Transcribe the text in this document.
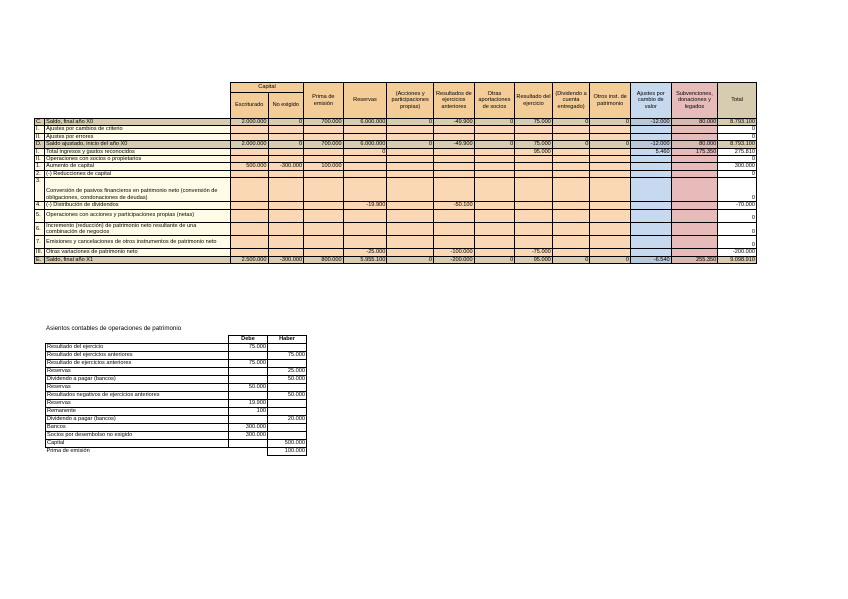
		Capital		Prima de emisión	Reservas	(Acciones y participaciones propias)	Resultados de ejercicios anteriores	Otras aportaciones de socios	Resultado del ejercicio	(Dividendo a cuenta entregado)	Otros inst. de patrimonio	Ajustes por cambio de valor	Subvenciones, donaciones y legados	Total
		Escriturado	No exigido											
C.	Saldo, final año X0	2.000.000	0	700.000	6.000.000	0	-49.900	0	75.000	0	0	-12.000	80.000	8.793.100
I.	Ajustes por cambios de criterio													0
II.	Ajustes por errores													0
D.	Saldo ajustado, inicio del año X0	2.000.000	0	700.000	6.000.000	0	-49.900	0	75.000	0	0	-12.000	80.000	8.793.100
I.	Total ingresos y gastos reconocidos				0				95.000			5.460	175.350	275.810
II.	Operaciones con socios o propietarios													0
1.	Aumento de capital	500.000	-300.000	100.000										300.000
2.	(-) Reducciones de capital													0
3.	Conversión de pasivos financieros en patrimonio neto (conversión de obligaciones, condonaciones de deudas)													0
4.	(-) Distribución de dividendos				-19.900		-50.100							-70.000
5.	Operaciones con acciones y participaciones propias (netas)													0
6.	Incremento (reducción) de patrimonio neto resultante de una combinación de negocios													0
7.	Emisiones y cancelaciones de otros instrumentos de patrimonio neto													0
III.	Otras variaciones de patrimonio neto				-25.000		-100.000		-75.000					-200.000
E.	Saldo, final año X1	2.500.000	-300.000	800.000	5.955.100	0	-200.000	0	95.000	0	0	-6.540	255.350	9.098.910
Asientos contables de operaciones de patrimonio
	Debe	Haber
Resultado del ejercicio	75.000	
Resultado del ejercicios anteriores		75.000
Resultado de ejercicios anteriores	75.000	
Reservas		25.000
Dividendo a pagar (bancos)		50.000
Reservas	50.000	
Resultados negativos de ejercicios anteriores		50.000
Reservas	19.900	
Remanente	100	
Dividendo a pagar (bancos)		20.000
Bancos	300.000	
Socios por desembolso no exigido	300.000	
Capital		500.000
Prima de emisión		100.000
